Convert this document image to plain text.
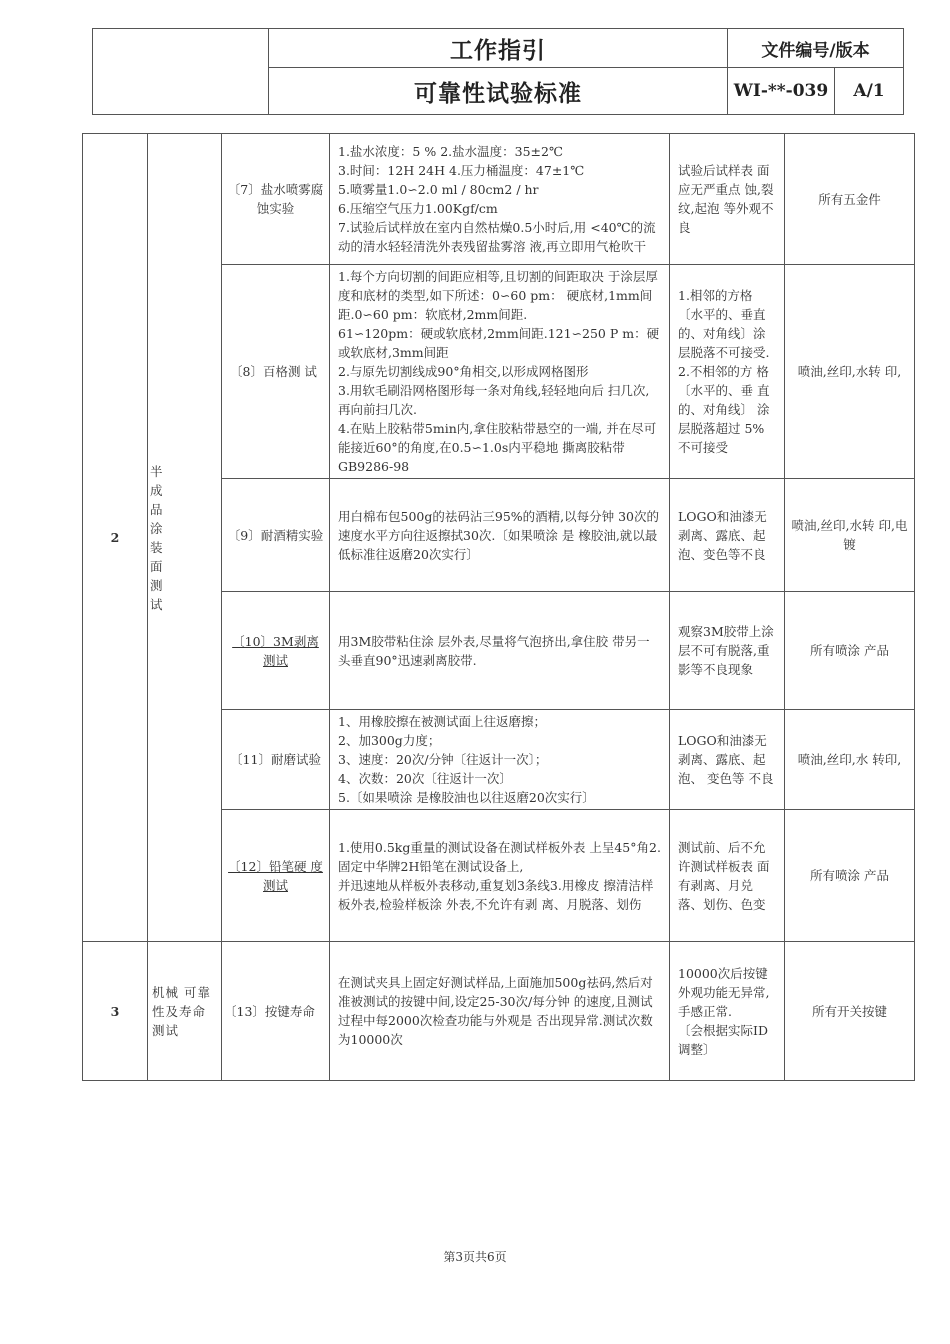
	工作指引	文件编号/版本	
	可靠性试验标准	WI-**-039	A/1
2	半成品涂装面测试	〔7〕盐水喷雾腐蚀实验	1.盐水浓度：5 % 2.盐水温度：35±2℃
3.时间：12H 24H 4.压力桶温度：47±1℃
5.喷雾量1.0∽2.0 ml / 80cm2 / hr
6.压缩空气压力1.00Kgf/cm
7.试验后试样放在室内自然枯燥0.5小时后,用 <40℃的流动的清水轻轻清洗外表残留盐雾溶 液,再立即用气枪吹干	试验后试样表 面应无严重点 蚀,裂纹,起泡 等外观不良	所有五金件
		〔8〕百格测 试	1.每个方向切割的间距应相等,且切割的间距取决 于涂层厚度和底材的类型,如下所述：0∽60 pm： 硬底材,1mm间距.0∽60 pm：软底材,2mm间距.
61∽120pm：硬或软底材,2mm间距.121∽250 P m：硬或软底材,3mm间距
2.与原先切割线成90°角相交,以形成网格图形
3.用软毛刷沿网格图形每一条对角线,轻轻地向后 扫几次,再向前扫几次.
4.在贴上胶粘带5min内,拿住胶粘带悬空的一端, 并在尽可能接近60°的角度,在0.5∽1.0s内平稳地 撕离胶粘带GB9286-98	1.相邻的方格〔水平的、垂直的、对角线〕涂层脱落不可接受.
2.不相邻的方 格〔水平的、垂 直的、对角线〕 涂层脱落超过 5%不可接受	喷油,丝印,水转 印,
		〔9〕耐酒精实验	用白棉布包500g的祛码沾三95%的酒精,以每分钟 30次的速度水平方向往返擦拭30次.〔如果喷涂 是 橡胶油,就以最低标准往返磨20次实行〕	LOGO和油漆无剥离、露底、起泡、变色等不良	喷油,丝印,水转 印,电镀
		〔10〕3M剥离测试	用3M胶带粘住涂 层外表,尽量将气泡挤出,拿住胶 带另一头垂直90°迅速剥离胶带.	观察3M胶带上涂 层不可有脱落,重影等不良现象	所有喷涂 产品
		〔11〕耐磨试验	1、用橡胶擦在被测试面上往返磨擦；
2、加300g力度；
3、速度：20次/分钟〔往返计一次〕；
4、次数：20次〔往返计一次〕
5.〔如果喷涂 是橡胶油也以往返磨20次实行〕	LOGO和油漆无剥离、露底、起泡、 变色等 不良	喷油,丝印,水 转印,
		〔12〕铅笔硬 度测试	1.使用0.5kg重量的测试设备在测试样板外表 上呈45°角2.固定中华牌2H铅笔在测试设备上,
并迅速地从样板外表移动,重复划3条线3.用橡皮 擦清洁样板外表,检验样板涂 外表,不允许有剥 离、月脱落、划伤	测试前、后不允许测试样板表 面有剥离、月兑落、划伤、色变	所有喷涂 产品
3	机械 可靠 性及寿命 测试	〔13〕按键寿命	在测试夹具上固定好测试样品,上面施加500g祛码,然后对准被测试的按键中间,设定25-30次/每分钟 的速度,且测试过程中每2000次检查功能与外观是 否出现异常.测试次数为10000次	10000次后按键外观功能无异常,手感正常.
〔会根据实际ID调整〕	所有开关按键
第3页共6页
